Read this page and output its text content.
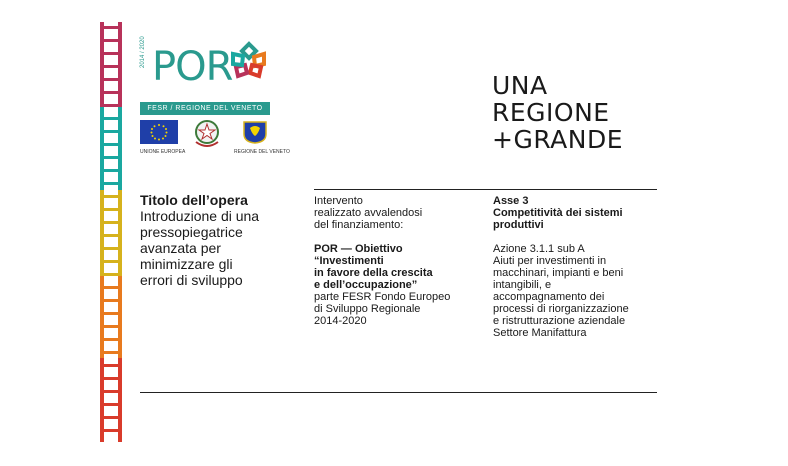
2014 / 2020 POR
FESR / REGIONE DEL VENETO
UNIONE EUROPEA	REGIONE DEL VENETO
UNA
REGIONE
+GRANDE

Titolo dell’opera

Introduzione di una
pressopiegatrice
avanzata per
minimizzare gli
errori di sviluppo

Intervento
realizzato avvalendosi
del finanziamento:

POR — Obiettivo
“Investimenti
in favore della crescita
e dell’occupazione”

parte FESR Fondo Europeo
di Sviluppo Regionale
2014-2020

Asse 3
Competitività dei sistemi
produttivi

Azione 3.1.1 sub A
Aiuti per investimenti in
macchinari, impianti e beni
intangibili, e
accompagnamento dei
processi di riorganizzazione
e ristrutturazione aziendale
Settore Manifattura
